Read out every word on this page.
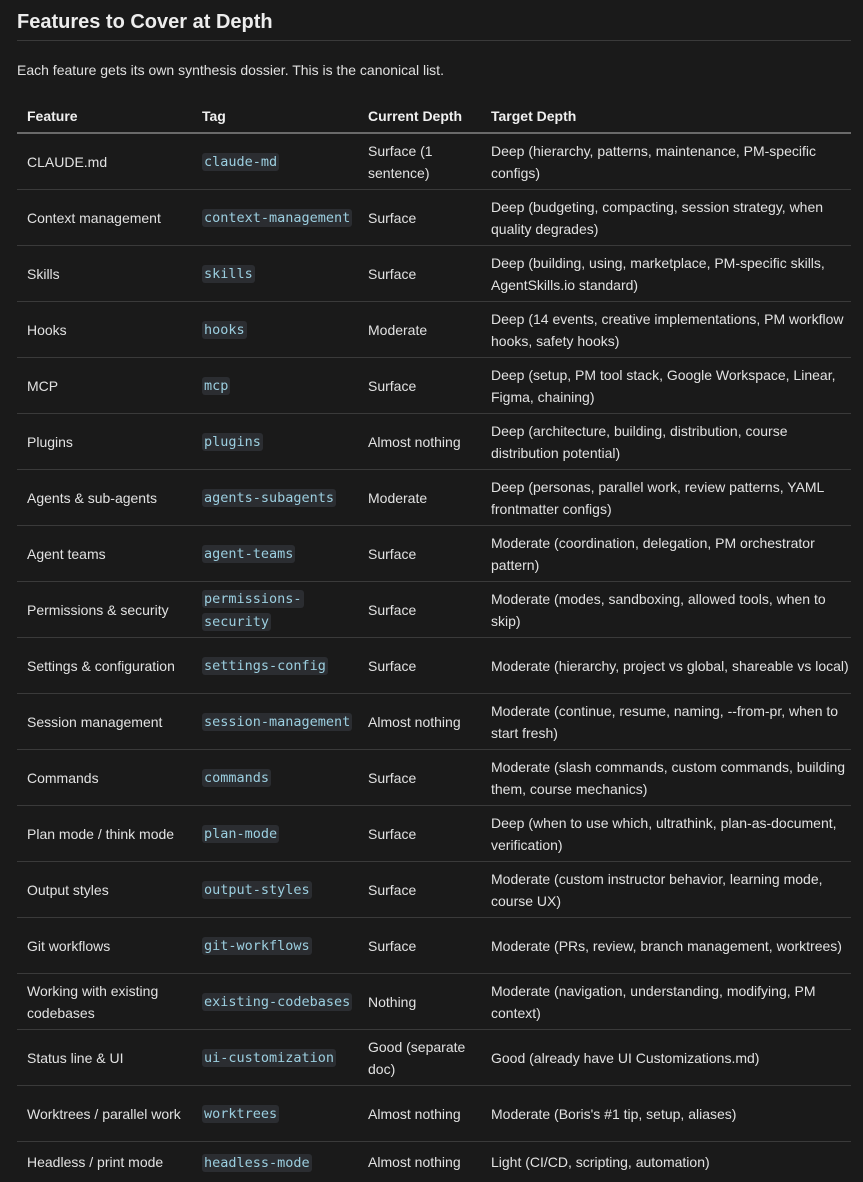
Features to Cover at Depth

Each feature gets its own synthesis dossier. This is the canonical list.

Feature	Tag	Current Depth	Target Depth
CLAUDE.md	claude-md	Surface (1 sentence)	Deep (hierarchy, patterns, maintenance, PM-specific configs)
Context management	context-management	Surface	Deep (budgeting, compacting, session strategy, when quality degrades)
Skills	skills	Surface	Deep (building, using, marketplace, PM-specific skills, AgentSkills.io standard)
Hooks	hooks	Moderate	Deep (14 events, creative implementations, PM workflow hooks, safety hooks)
MCP	mcp	Surface	Deep (setup, PM tool stack, Google Workspace, Linear, Figma, chaining)
Plugins	plugins	Almost nothing	Deep (architecture, building, distribution, course distribution potential)
Agents & sub-agents	agents-subagents	Moderate	Deep (personas, parallel work, review patterns, YAML frontmatter configs)
Agent teams	agent-teams	Surface	Moderate (coordination, delegation, PM orchestrator pattern)
Permissions & security	permissions-security	Surface	Moderate (modes, sandboxing, allowed tools, when to skip)
Settings & configuration	settings-config	Surface	Moderate (hierarchy, project vs global, shareable vs local)
Session management	session-management	Almost nothing	Moderate (continue, resume, naming, --from-pr, when to start fresh)
Commands	commands	Surface	Moderate (slash commands, custom commands, building them, course mechanics)
Plan mode / think mode	plan-mode	Surface	Deep (when to use which, ultrathink, plan-as-document, verification)
Output styles	output-styles	Surface	Moderate (custom instructor behavior, learning mode, course UX)
Git workflows	git-workflows	Surface	Moderate (PRs, review, branch management, worktrees)
Working with existing codebases	existing-codebases	Nothing	Moderate (navigation, understanding, modifying, PM context)
Status line & UI	ui-customization	Good (separate doc)	Good (already have UI Customizations.md)
Worktrees / parallel work	worktrees	Almost nothing	Moderate (Boris's #1 tip, setup, aliases)
Headless / print mode	headless-mode	Almost nothing	Light (CI/CD, scripting, automation)
